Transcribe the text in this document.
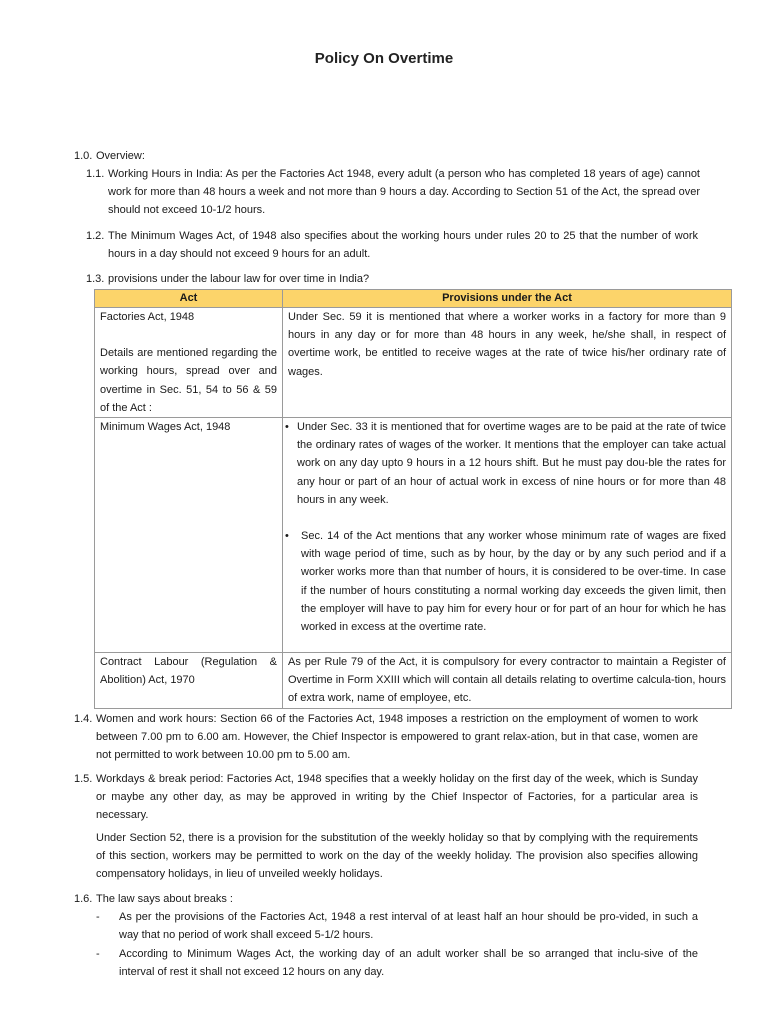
Policy On Overtime
1.0. Overview:
1.1. Working Hours in India: As per the Factories Act 1948, every adult (a person who has completed 18 years of age) cannot work for more than 48 hours a week and not more than 9 hours a day. According to Section 51 of the Act, the spread over should not exceed 10-1/2 hours.
1.2. The Minimum Wages Act, of 1948 also specifies about the working hours under rules 20 to 25 that the number of work hours in a day should not exceed 9 hours for an adult.
1.3. provisions under the labour law for over time in India?
Act	Provisions under the Act

Factories Act, 1948
Details are mentioned regarding the working hours, spread over and overtime in Sec. 51, 54 to 56 & 59 of the Act :	Under Sec. 59 it is mentioned that where a worker works in a factory for more than 9 hours in any day or for more than 48 hours in any week, he/she shall, in respect of overtime work, be entitled to receive wages at the rate of twice his/her ordinary rate of wages.

Minimum Wages Act, 1948	• Under Sec. 33 it is mentioned that for overtime wages are to be paid at the rate of twice the ordinary rates of wages of the worker. It mentions that the employer can take actual work on any day upto 9 hours in a 12 hours shift. But he must pay dou-ble the rates for any hour or part of an hour of actual work in excess of nine hours or for more than 48 hours in any week.
• Sec. 14 of the Act mentions that any worker whose minimum rate of wages are fixed with wage period of time, such as by hour, by the day or by any such period and if a worker works more than that number of hours, it is considered to be over-time. In case if the number of hours constituting a normal working day exceeds the given limit, then the employer will have to pay him for every hour or for part of an hour for which he has worked in excess at the overtime rate.

Contract Labour (Regulation & Abolition) Act, 1970	As per Rule 79 of the Act, it is compulsory for every contractor to maintain a Register of Overtime in Form XXIII which will contain all details relating to overtime calcula-tion, hours of extra work, name of employee, etc.
1.4. Women and work hours: Section 66 of the Factories Act, 1948 imposes a restriction on the employment of women to work between 7.00 pm to 6.00 am. However, the Chief Inspector is empowered to grant relax-ation, but in that case, women are not permitted to work between 10.00 pm to 5.00 am.
1.5. Workdays & break period: Factories Act, 1948 specifies that a weekly holiday on the first day of the week, which is Sunday or maybe any other day, as may be approved in writing by the Chief Inspector of Factories, for a particular area is necessary.
Under Section 52, there is a provision for the substitution of the weekly holiday so that by complying with the requirements of this section, workers may be permitted to work on the day of the weekly holiday. The provision also specifies allowing compensatory holidays, in lieu of unveiled weekly holidays.
1.6. The law says about breaks :
- As per the provisions of the Factories Act, 1948 a rest interval of at least half an hour should be pro-vided, in such a way that no period of work shall exceed 5-1/2 hours.
- According to Minimum Wages Act, the working day of an adult worker shall be so arranged that inclu-sive of the interval of rest it shall not exceed 12 hours on any day.
